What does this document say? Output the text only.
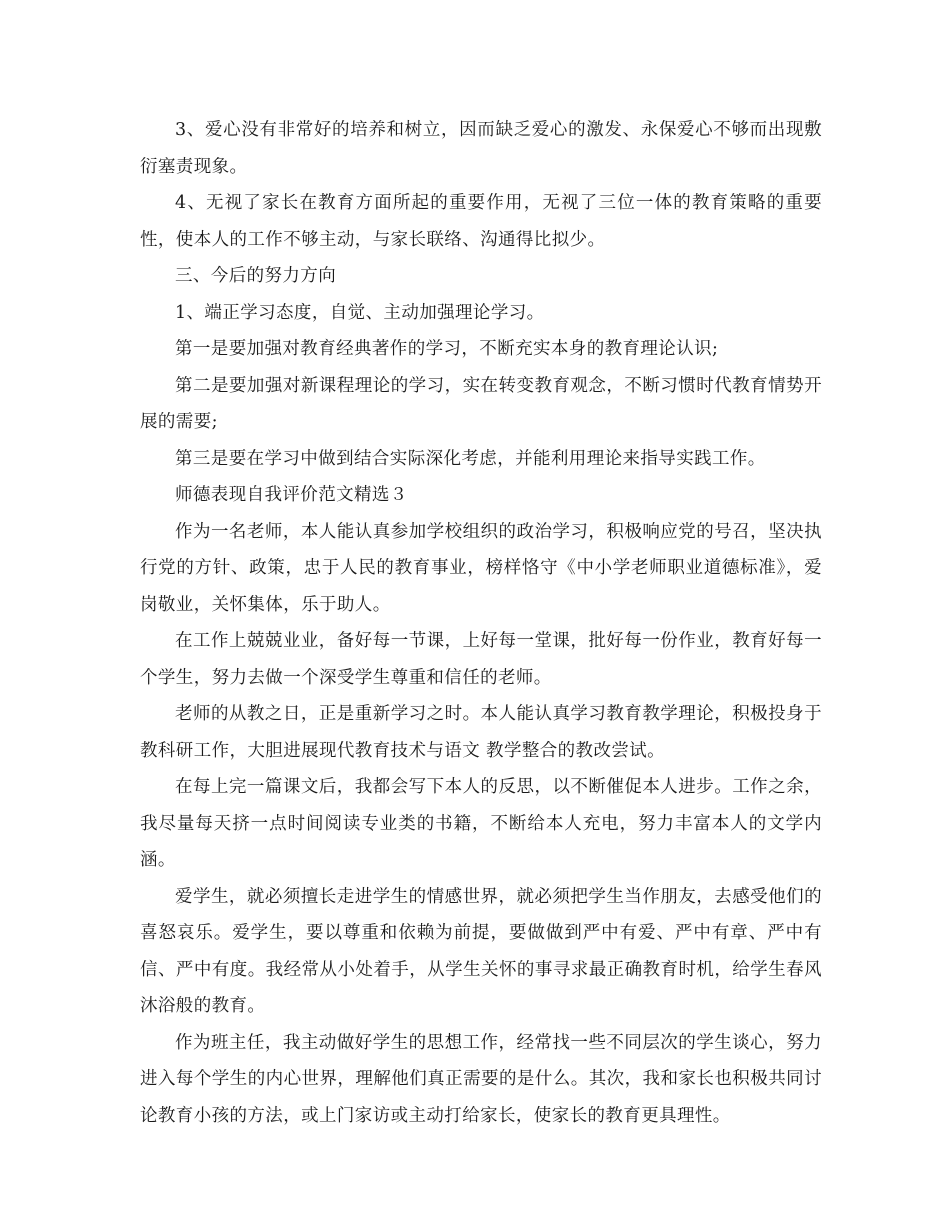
3、爱心没有非常好的培养和树立，因而缺乏爱心的激发、永保爱心不够而出现敷衍塞责现象。

4、无视了家长在教育方面所起的重要作用，无视了三位一体的教育策略的重要性，使本人的工作不够主动，与家长联络、沟通得比拟少。

三、今后的努力方向

1、端正学习态度，自觉、主动加强理论学习。

第一是要加强对教育经典著作的学习，不断充实本身的教育理论认识;

第二是要加强对新课程理论的学习，实在转变教育观念，不断习惯时代教育情势开展的需要;

第三是要在学习中做到结合实际深化考虑，并能利用理论来指导实践工作。

师德表现自我评价范文精选３

作为一名老师，本人能认真参加学校组织的政治学习，积极响应党的号召，坚决执行党的方针、政策，忠于人民的教育事业，榜样恪守《中小学老师职业道德标准》，爱岗敬业，关怀集体，乐于助人。

在工作上兢兢业业，备好每一节课，上好每一堂课，批好每一份作业，教育好每一个学生，努力去做一个深受学生尊重和信任的老师。

老师的从教之日，正是重新学习之时。本人能认真学习教育教学理论，积极投身于教科研工作，大胆进展现代教育技术与语文 教学整合的教改尝试。

在每上完一篇课文后，我都会写下本人的反思，以不断催促本人进步。工作之余，我尽量每天挤一点时间阅读专业类的书籍，不断给本人充电，努力丰富本人的文学内涵。

爱学生，就必须擅长走进学生的情感世界，就必须把学生当作朋友，去感受他们的喜怒哀乐。爱学生，要以尊重和依赖为前提，要做做到严中有爱、严中有章、严中有信、严中有度。我经常从小处着手，从学生关怀的事寻求最正确教育时机，给学生春风沐浴般的教育。

作为班主任，我主动做好学生的思想工作，经常找一些不同层次的学生谈心，努力进入每个学生的内心世界，理解他们真正需要的是什么。其次，我和家长也积极共同讨论教育小孩的方法，或上门家访或主动打给家长，使家长的教育更具理性。
